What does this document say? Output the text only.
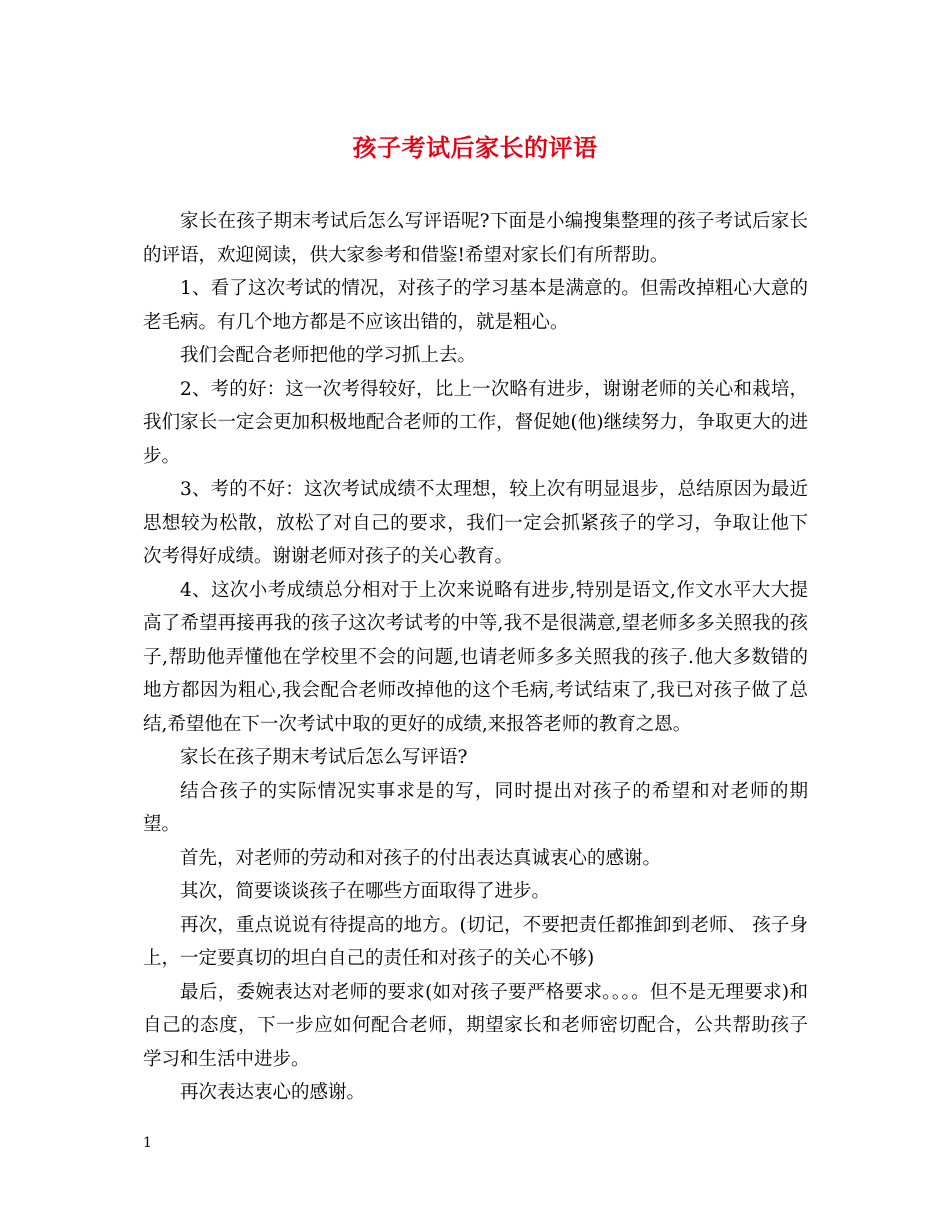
孩子考试后家长的评语

家长在孩子期末考试后怎么写评语呢?下面是小编搜集整理的孩子考试后家长的评语，欢迎阅读，供大家参考和借鉴!希望对家长们有所帮助。

1、看了这次考试的情况，对孩子的学习基本是满意的。但需改掉粗心大意的老毛病。有几个地方都是不应该出错的，就是粗心。

我们会配合老师把他的学习抓上去。

2、考的好：这一次考得较好，比上一次略有进步，谢谢老师的关心和栽培，我们家长一定会更加积极地配合老师的工作，督促她(他)继续努力，争取更大的进步。

3、考的不好：这次考试成绩不太理想，较上次有明显退步，总结原因为最近思想较为松散，放松了对自己的要求，我们一定会抓紧孩子的学习，争取让他下次考得好成绩。谢谢老师对孩子的关心教育。

4、这次小考成绩总分相对于上次来说略有进步,特别是语文,作文水平大大提高了希望再接再我的孩子这次考试考的中等,我不是很满意,望老师多多关照我的孩子,帮助他弄懂他在学校里不会的问题,也请老师多多关照我的孩子.他大多数错的地方都因为粗心,我会配合老师改掉他的这个毛病,考试结束了,我已对孩子做了总结,希望他在下一次考试中取的更好的成绩,来报答老师的教育之恩。

家长在孩子期末考试后怎么写评语?

结合孩子的实际情况实事求是的写，同时提出对孩子的希望和对老师的期望。

首先，对老师的劳动和对孩子的付出表达真诚衷心的感谢。

其次，简要谈谈孩子在哪些方面取得了进步。

再次，重点说说有待提高的地方。(切记，不要把责任都推卸到老师、 孩子身上，一定要真切的坦白自己的责任和对孩子的关心不够)

最后，委婉表达对老师的要求(如对孩子要严格要求。。。。但不是无理要求)和自己的态度，下一步应如何配合老师，期望家长和老师密切配合，公共帮助孩子学习和生活中进步。

再次表达衷心的感谢。

1
